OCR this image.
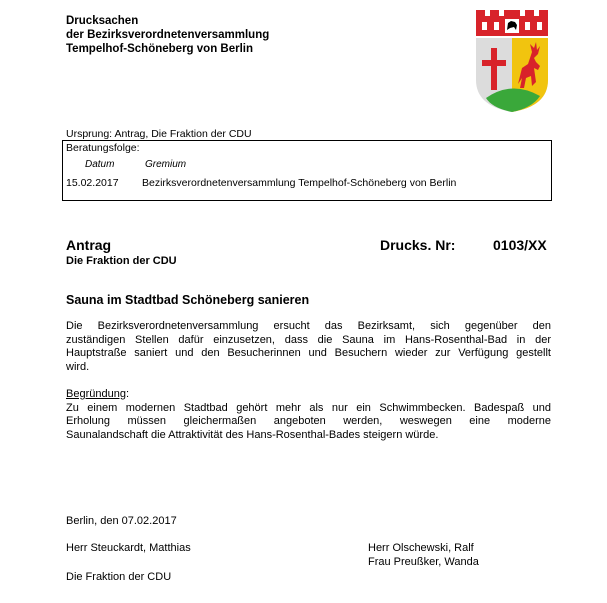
Drucksachen
der Bezirksverordnetenversammlung
Tempelhof-Schöneberg von Berlin
Ursprung: Antrag, Die Fraktion der CDU
Beratungsfolge:
Datum	Gremium
15.02.2017 Bezirksverordnetenversammlung Tempelhof-Schöneberg von Berlin
Antrag	Drucks. Nr:	0103/XX
Die Fraktion der CDU
Sauna im Stadtbad Schöneberg sanieren
Die Bezirksverordnetenversammlung ersucht das Bezirksamt, sich gegenüber den
zuständigen Stellen dafür einzusetzen, dass die Sauna im Hans-Rosenthal-Bad in der
Hauptstraße saniert und den Besucherinnen und Besuchern wieder zur Verfügung gestellt
wird.
Begründung:
Zu einem modernen Stadtbad gehört mehr als nur ein Schwimmbecken. Badespaß und
Erholung müssen gleichermaßen angeboten werden, weswegen eine moderne
Saunalandschaft die Attraktivität des Hans-Rosenthal-Bades steigern würde.
Berlin, den 07.02.2017
Herr Steuckardt, Matthias	Herr Olschewski, Ralf
Frau Preußker, Wanda
Die Fraktion der CDU
